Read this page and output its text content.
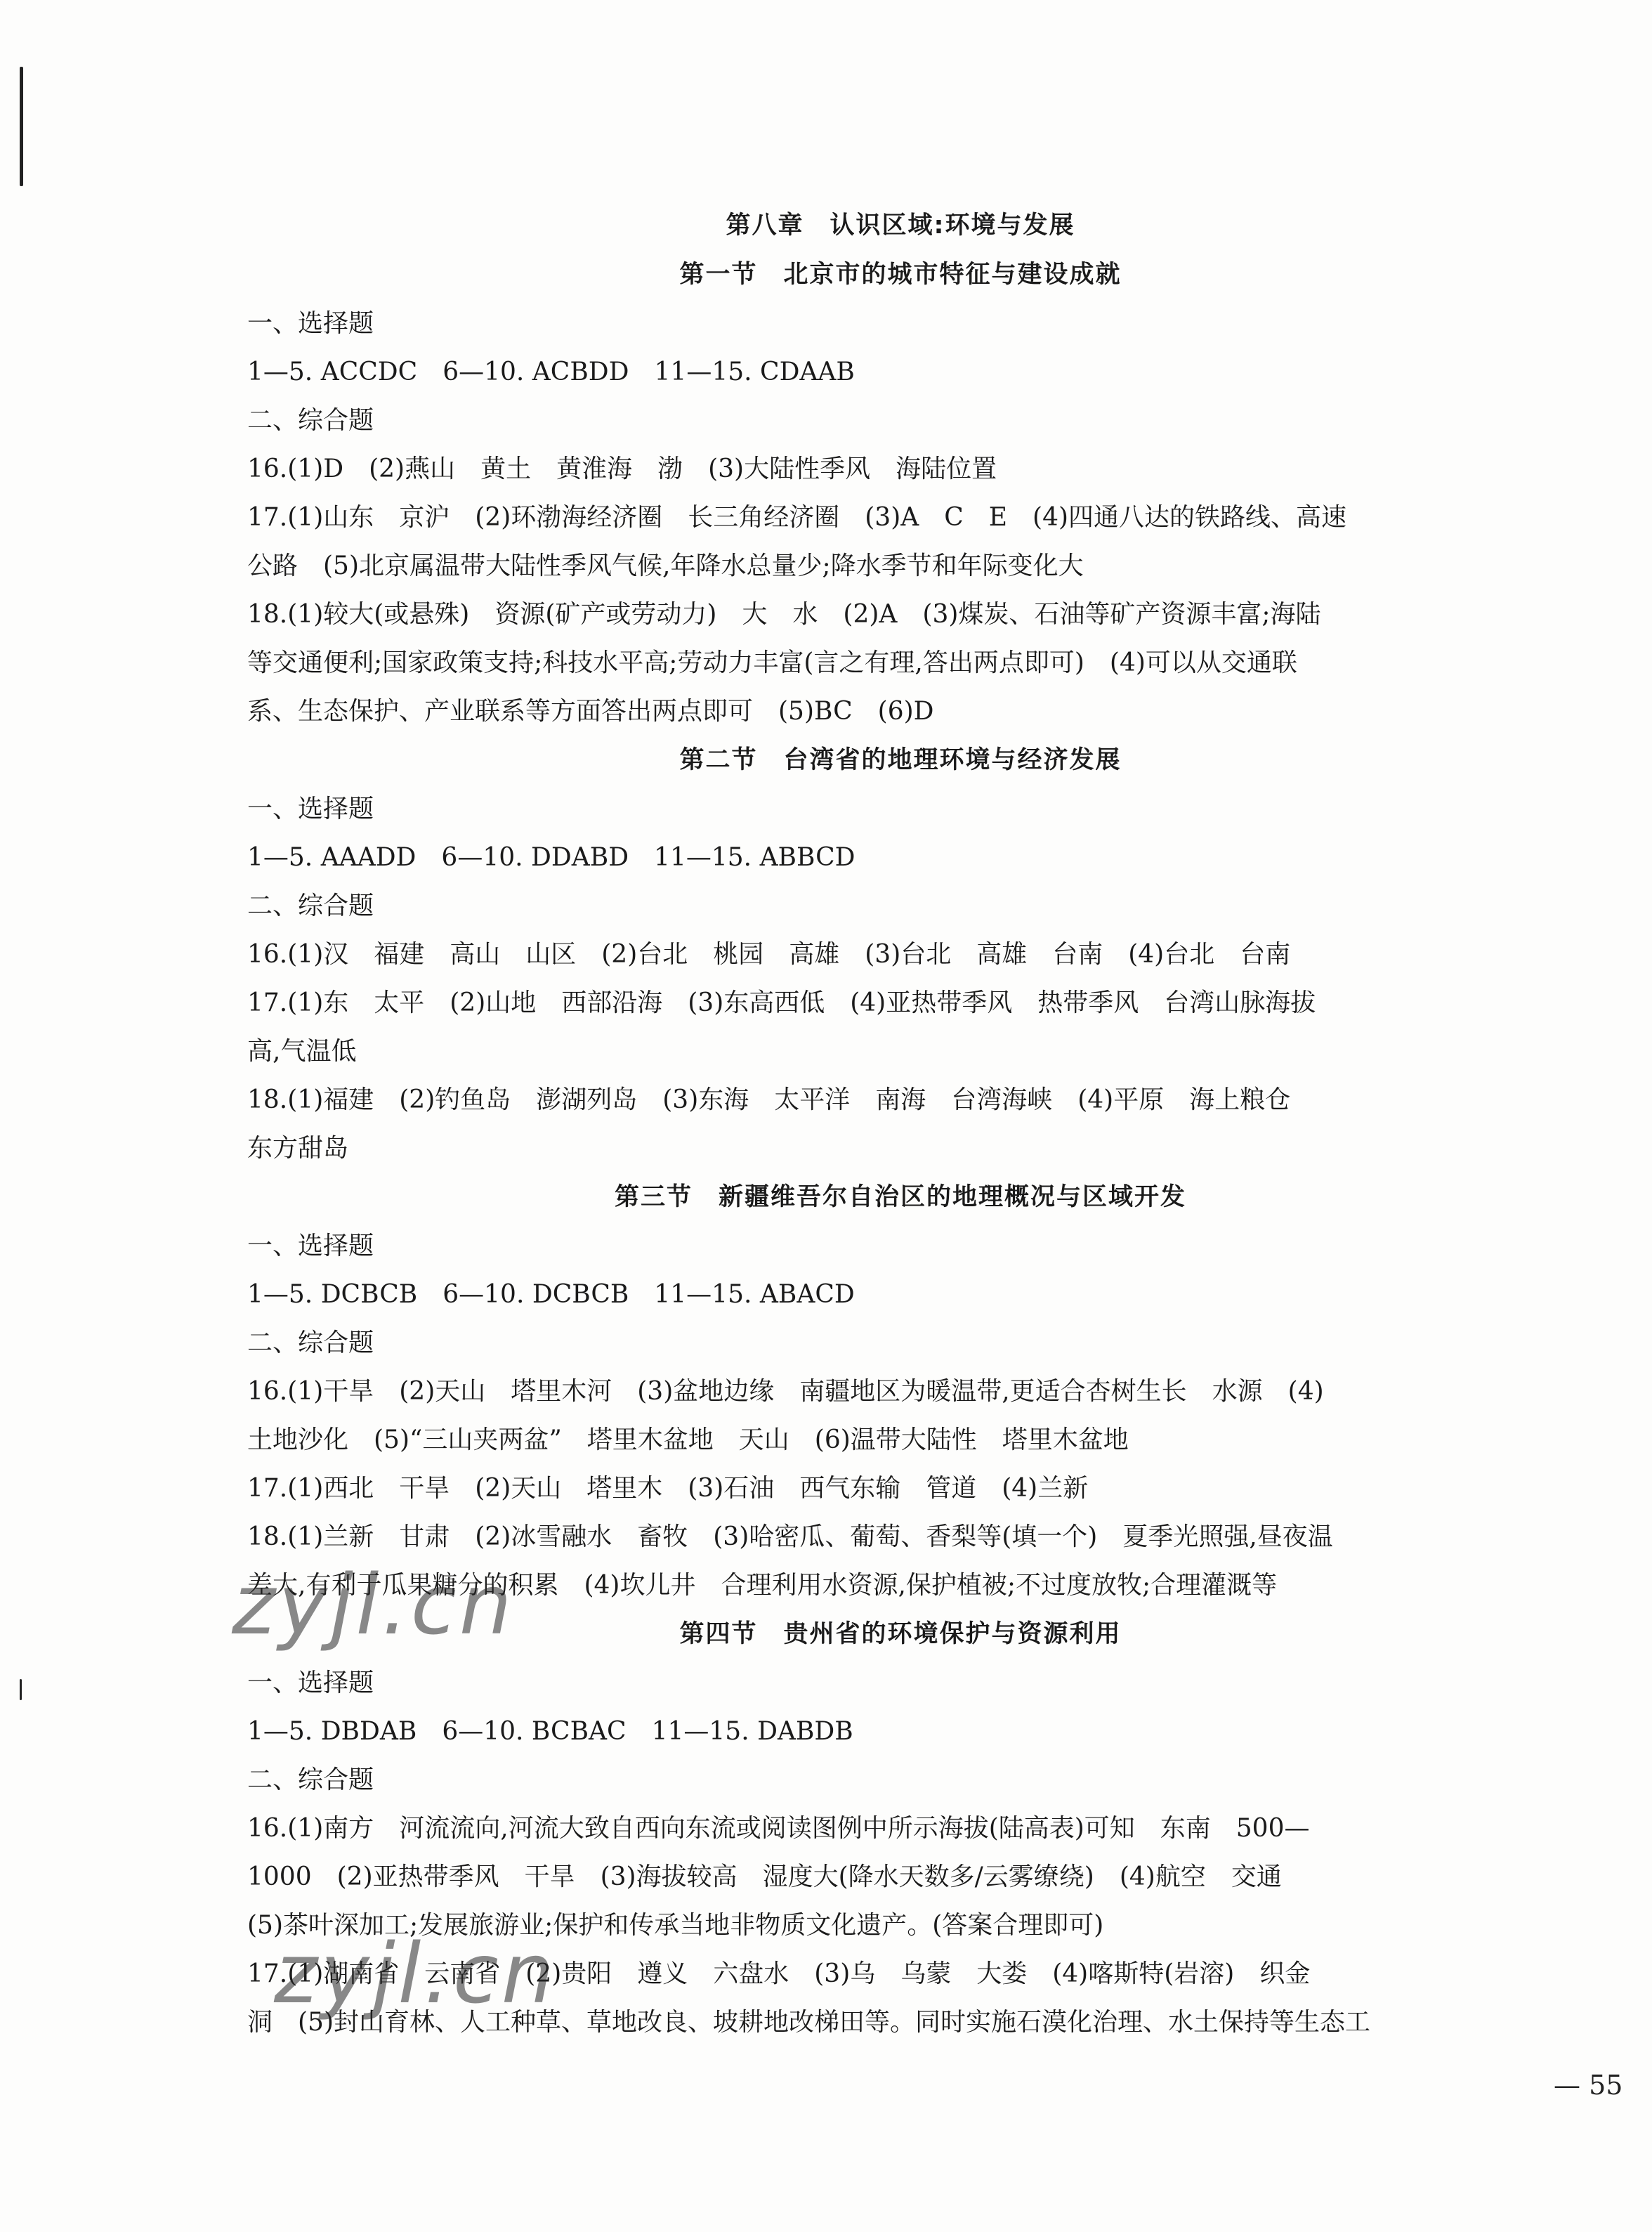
第八章　认识区域:环境与发展
第一节　北京市的城市特征与建设成就

一、选择题

1—5. ACCDC　6—10. ACBDD　11—15. CDAAB

二、综合题

16.(1)D　(2)燕山　黄土　黄淮海　渤　(3)大陆性季风　海陆位置

17.(1)山东　京沪　(2)环渤海经济圈　长三角经济圈　(3)A　C　E　(4)四通八达的铁路线、高速

公路　(5)北京属温带大陆性季风气候,年降水总量少;降水季节和年际变化大

18.(1)较大(或悬殊)　资源(矿产或劳动力)　大　水　(2)A　(3)煤炭、石油等矿产资源丰富;海陆

等交通便利;国家政策支持;科技水平高;劳动力丰富(言之有理,答出两点即可)　(4)可以从交通联

系、生态保护、产业联系等方面答出两点即可　(5)BC　(6)D

第二节　台湾省的地理环境与经济发展

一、选择题

1—5. AAADD　6—10. DDABD　11—15. ABBCD

二、综合题

16.(1)汉　福建　高山　山区　(2)台北　桃园　高雄　(3)台北　高雄　台南　(4)台北　台南

17.(1)东　太平　(2)山地　西部沿海　(3)东高西低　(4)亚热带季风　热带季风　台湾山脉海拔

高,气温低

18.(1)福建　(2)钓鱼岛　澎湖列岛　(3)东海　太平洋　南海　台湾海峡　(4)平原　海上粮仓

东方甜岛

第三节　新疆维吾尔自治区的地理概况与区域开发

一、选择题

1—5. DCBCB　6—10. DCBCB　11—15. ABACD

二、综合题

16.(1)干旱　(2)天山　塔里木河　(3)盆地边缘　南疆地区为暖温带,更适合杏树生长　水源　(4)

土地沙化　(5)“三山夹两盆”　塔里木盆地　天山　(6)温带大陆性　塔里木盆地

17.(1)西北　干旱　(2)天山　塔里木　(3)石油　西气东输　管道　(4)兰新

18.(1)兰新　甘肃　(2)冰雪融水　畜牧　(3)哈密瓜、葡萄、香梨等(填一个)　夏季光照强,昼夜温

差大,有利于瓜果糖分的积累　(4)坎儿井　合理利用水资源,保护植被;不过度放牧;合理灌溉等

第四节　贵州省的环境保护与资源利用

一、选择题

1—5. DBDAB　6—10. BCBAC　11—15. DABDB

二、综合题

16.(1)南方　河流流向,河流大致自西向东流或阅读图例中所示海拔(陆高表)可知　东南　500—

1000　(2)亚热带季风　干旱　(3)海拔较高　湿度大(降水天数多/云雾缭绕)　(4)航空　交通

(5)茶叶深加工;发展旅游业;保护和传承当地非物质文化遗产。(答案合理即可)

17.(1)湖南省　云南省　(2)贵阳　遵义　六盘水　(3)乌　乌蒙　大娄　(4)喀斯特(岩溶)　织金

洞　(5)封山育林、人工种草、草地改良、坡耕地改梯田等。同时实施石漠化治理、水土保持等生态工

zyjl.cn
zyjl.cn
— 55
